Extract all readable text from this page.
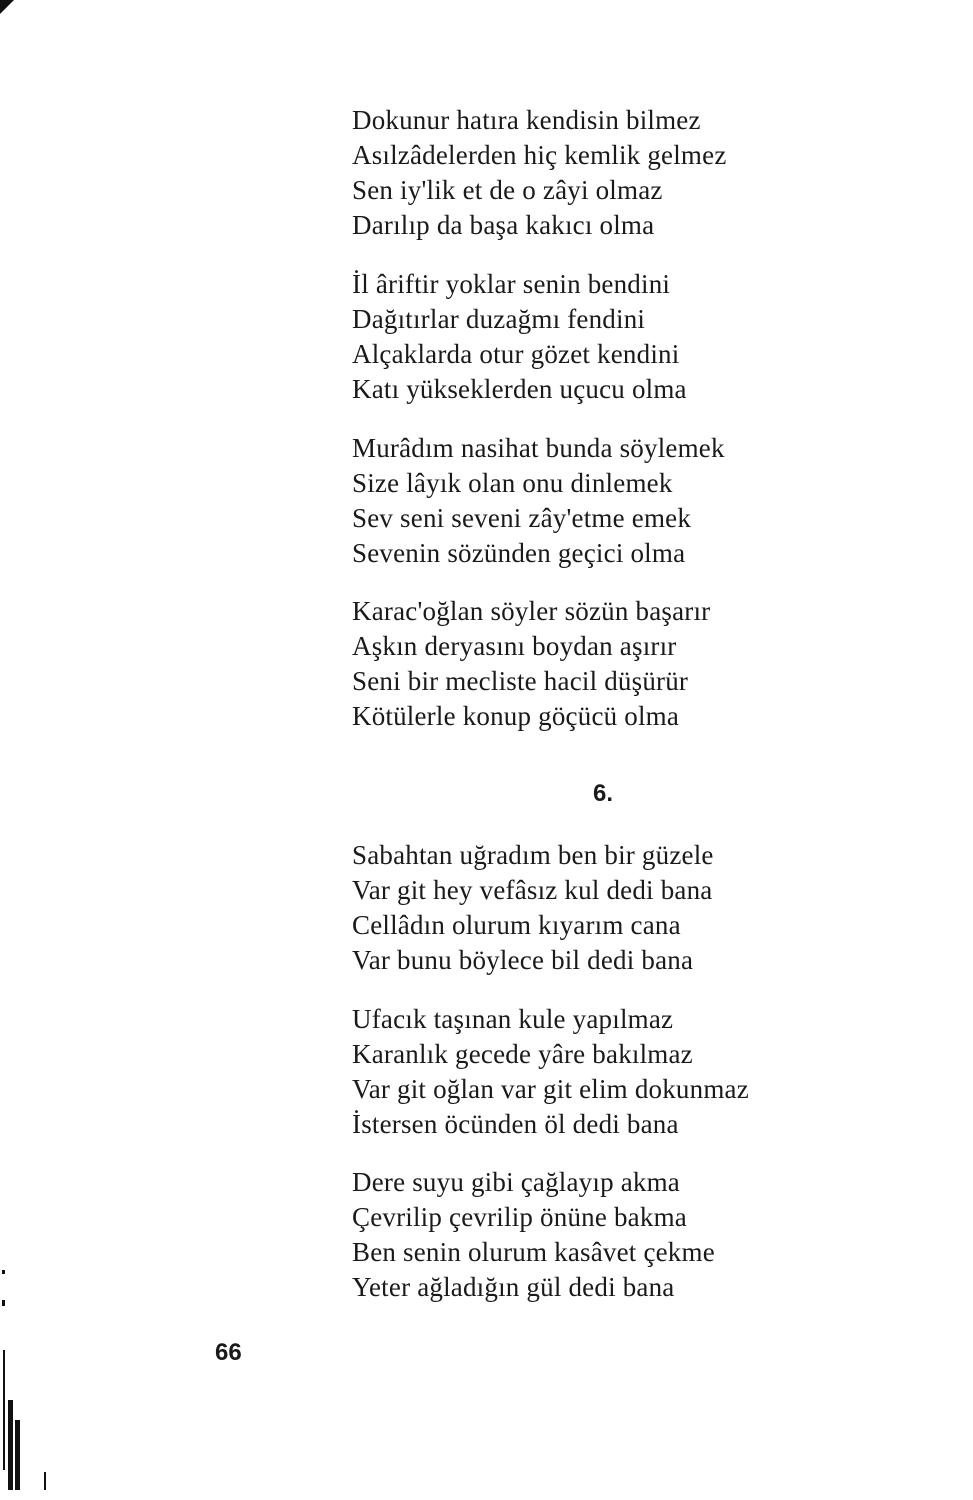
Dokunur hatıra kendisin bilmez
Asılzâdelerden hiç kemlik gelmez
Sen iy'lik et de o zâyi olmaz
Darılıp da başa kakıcı olma
İl âriftir yoklar senin bendini
Dağıtırlar duzağmı fendini
Alçaklarda otur gözet kendini
Katı yükseklerden uçucu olma
Murâdım nasihat bunda söylemek
Size lâyık olan onu dinlemek
Sev seni seveni zây'etme emek
Sevenin sözünden geçici olma
Karac'oğlan söyler sözün başarır
Aşkın deryasını boydan aşırır
Seni bir mecliste hacil düşürür
Kötülerle konup göçücü olma
6.
Sabahtan uğradım ben bir güzele
Var git hey vefâsız kul dedi bana
Cellâdın olurum kıyarım cana
Var bunu böylece bil dedi bana
Ufacık taşınan kule yapılmaz
Karanlık gecede yâre bakılmaz
Var git oğlan var git elim dokunmaz
İstersen öcünden öl dedi bana
Dere suyu gibi çağlayıp akma
Çevrilip çevrilip önüne bakma
Ben senin olurum kasâvet çekme
Yeter ağladığın gül dedi bana
66
